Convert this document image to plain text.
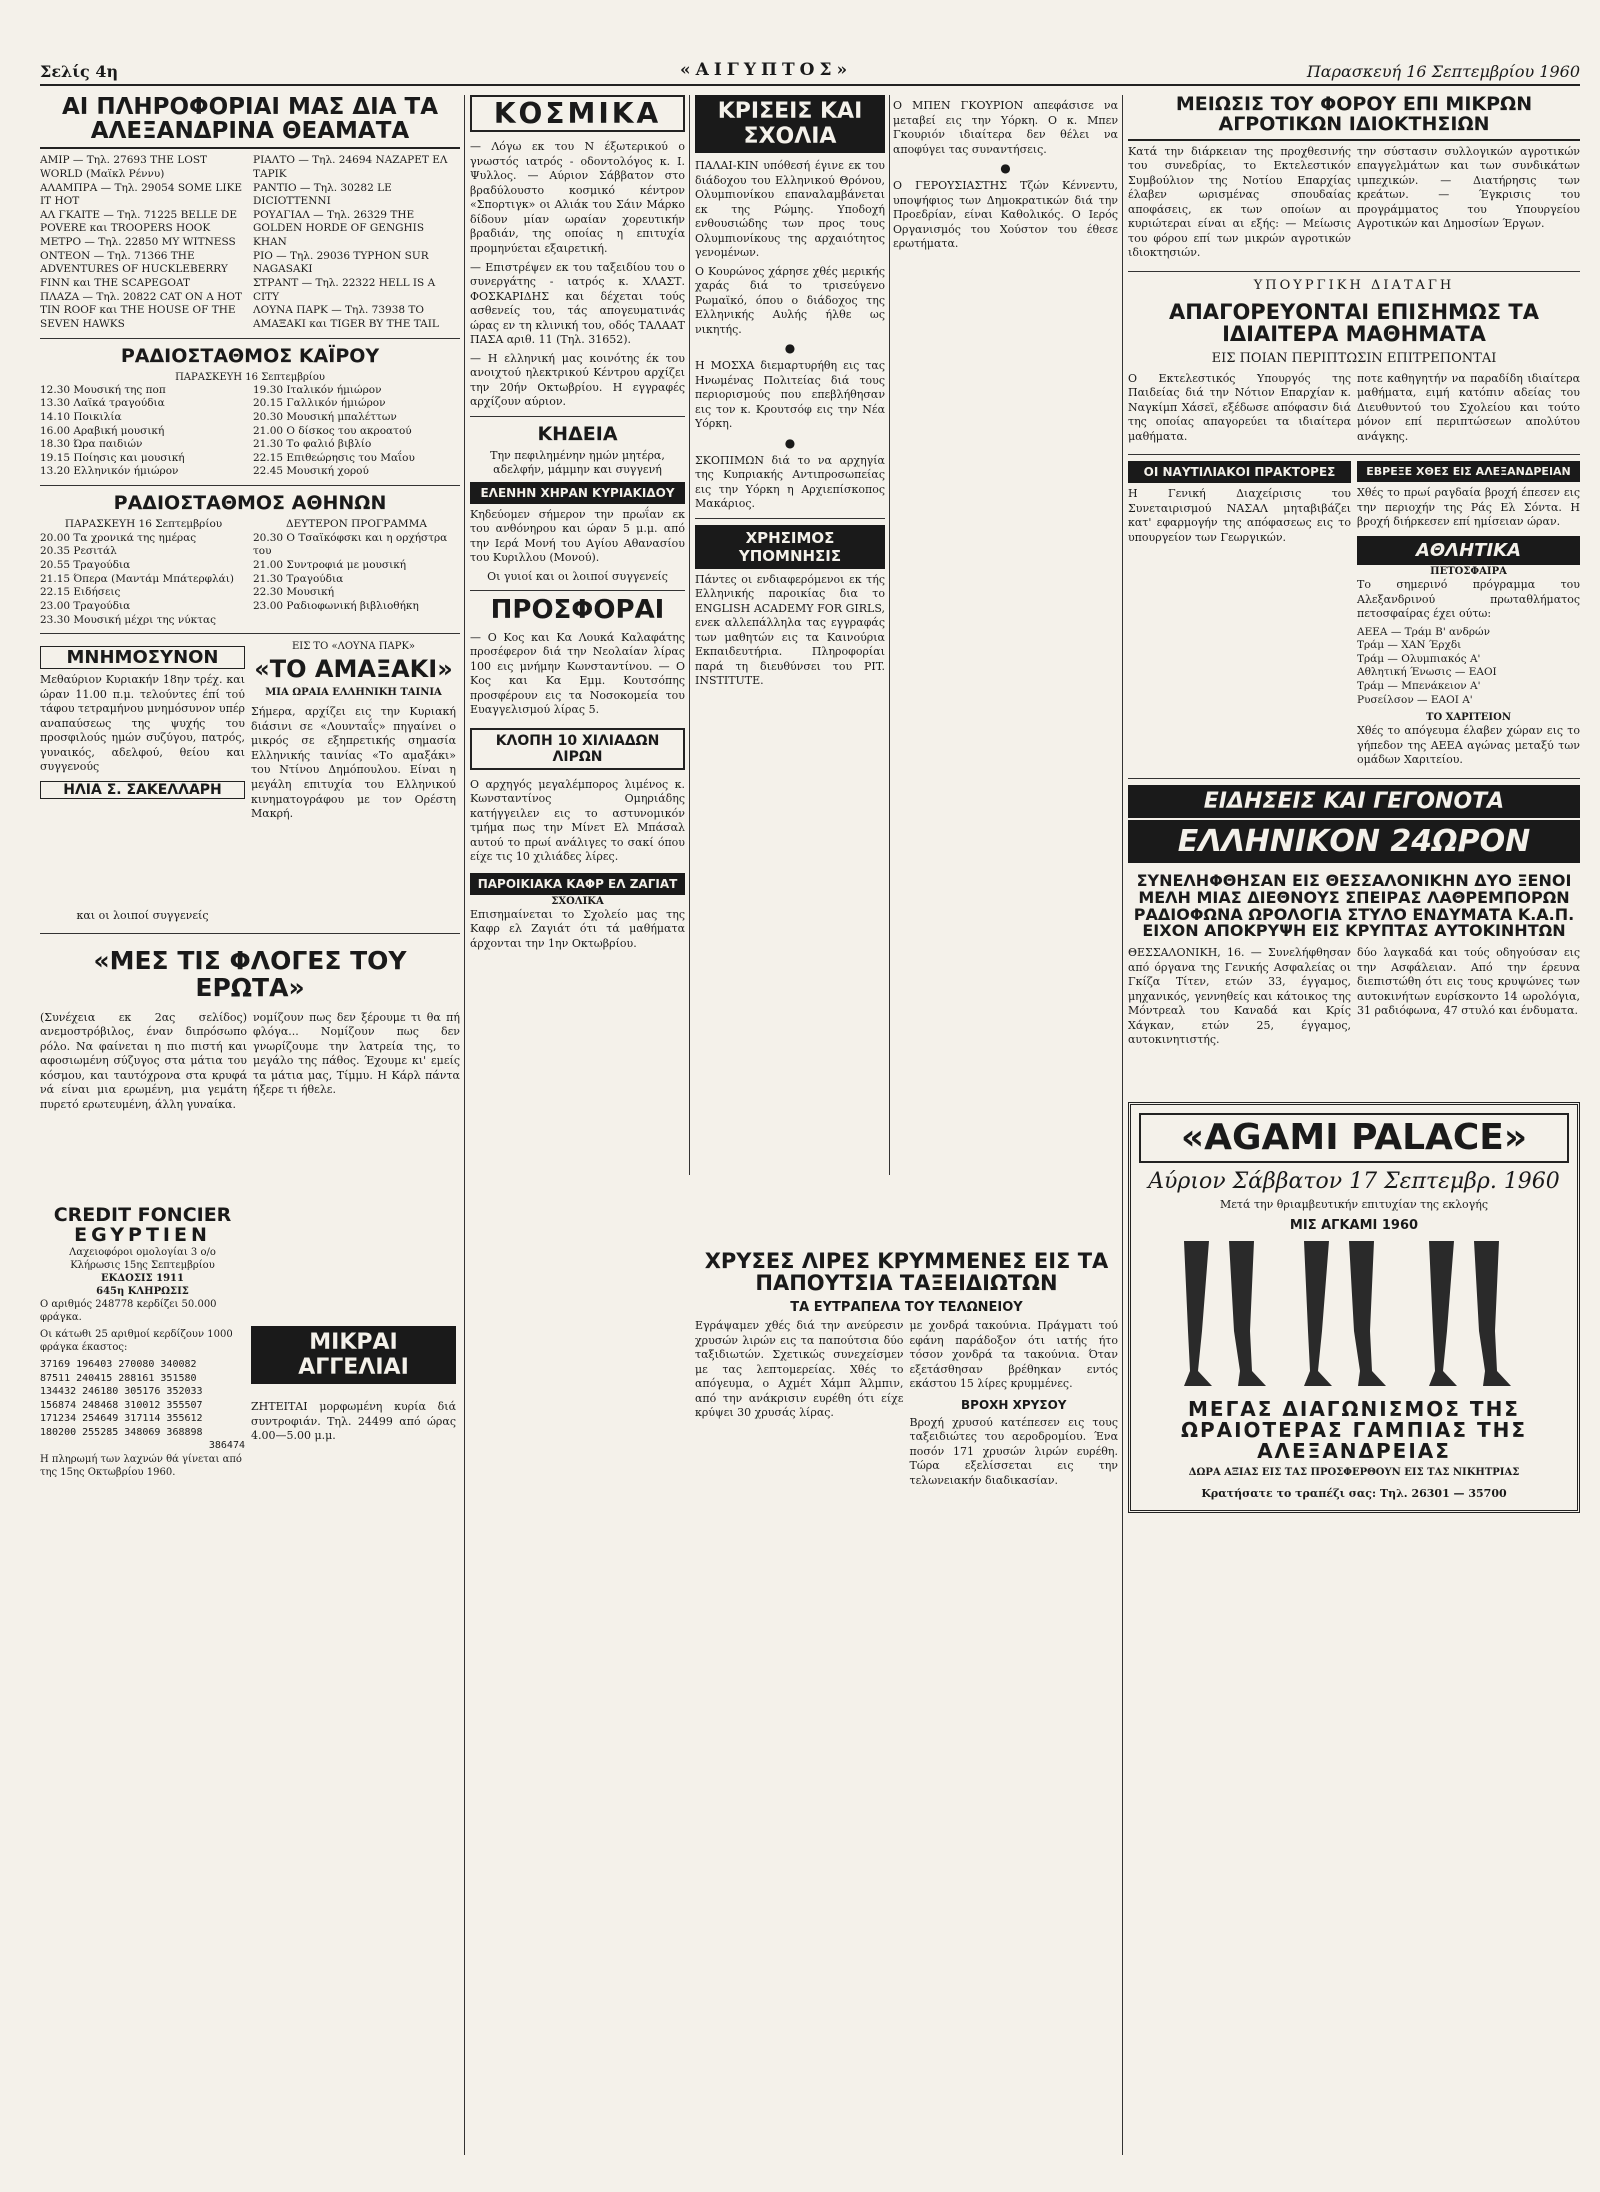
Σελίς 4η	«ΑΙΓΥΠΤΟΣ»	Παρασκευή 16 Σεπτεμβρίου 1960
ΑΙ ΠΛΗΡΟΦΟΡΙΑΙ ΜΑΣ ΔΙΑ ΤΑ ΑΛΕΞΑΝΔΡΙΝΑ ΘΕΑΜΑΤΑ
ΑΜΙΡ — Τηλ. 27693 THE LOST WORLD (Μαϊκλ Ρέννυ)
ΑΛΑΜΠΡΑ — Τηλ. 29054 SOME LIKE IT HOT
ΑΛ ΓΚΑΙΤΕ — Τηλ. 71225 BELLE DE POVERE και TROOPERS HOOK
ΜΕΤΡΟ — Τηλ. 22850 MY WITNESS
ΟΝΤΕΟΝ — Τηλ. 71366 THE ADVENTURES OF HUCKLEBERRY FINN και THE SCAPEGOAT
ΠΛΑΖΑ — Τηλ. 20822 CAT ON A HOT TIN ROOF και THE HOUSE OF THE SEVEN HAWKS
ΡΙΑΛΤΟ — Τηλ. 24694 ΝΑΖΑΡΕΤ ΕΛ ΤΑΡΙΚ
ΡΑΝΤΙΟ — Τηλ. 30282 LE DICIOTTENNI
ΡΟΥΑΓΙΑΛ — Τηλ. 26329 THE GOLDEN HORDE OF GENGHIS KHAN
ΡΙΟ — Τηλ. 29036 TYPHON SUR NAGASAKI
ΣΤΡΑΝΤ — Τηλ. 22322 HELL IS A CITY
ΛΟΥΝΑ ΠΑΡΚ — Τηλ. 73938 ΤΟ ΑΜΑΞΑΚΙ και TIGER BY THE TAIL
ΡΑΔΙΟΣΤΑΘΜΟΣ ΚΑΪΡΟΥ
ΠΑΡΑΣΚΕΥΗ 16 Σεπτεμβρίου
12.30 Μουσική της ποπ
13.30 Λαϊκά τραγούδια
14.10 Ποικιλία
16.00 Αραβική μουσική
18.30 Ώρα παιδιών
19.15 Ποίησις και μουσική
13.20 Ελληνικόν ήμιώρον
19.30 Ιταλικόν ήμιώρον
20.15 Γαλλικόν ήμιώρον
20.30 Μουσική μπαλέττων
21.00 Ο δίσκος του ακροατού
21.30 Το φαλιό βιβλίο
22.15 Επιθεώρησις του Μαΐου
22.45 Μουσική χορού
ΡΑΔΙΟΣΤΑΘΜΟΣ ΑΘΗΝΩΝ
ΠΑΡΑΣΚΕΥΗ 16 Σεπτεμβρίου
20.00 Τα χρονικά της ημέρας
20.35 Ρεσιτάλ
20.55 Τραγούδια
21.15 Όπερα (Μαντάμ Μπάτερφλάι)
22.15 Ειδήσεις
23.00 Τραγούδια
23.30 Μουσική μέχρι της νύκτας
ΔΕΥΤΕΡΟΝ ΠΡΟΓΡΑΜΜΑ
20.30 Ο Τσαϊκόφσκι και η ορχήστρα του
21.00 Συντροφιά με μουσική
21.30 Τραγούδια
22.30 Μουσική
23.00 Ραδιοφωνική βιβλιοθήκη
ΜΝΗΜΟΣΥΝΟΝ

Μεθαύριον Κυριακήν 18ην τρέχ. και ώραν 11.00 π.μ. τελούντες έπί τού τάφου τετραμήνου μνημόσυνον υπέρ αναπαύσεως της ψυχής του προσφιλούς ημών συζύγου, πατρός, γυναικός, αδελφού, θείου και συγγενούς

ΗΛΙΑ Σ. ΣΑΚΕΛΛΑΡΗ

και οι λοιποί συγγενείς

ΕΙΣ ΤΟ «ΛΟΥΝΑ ΠΑΡΚ»
«ΤΟ ΑΜΑΞΑΚΙ»
ΜΙΑ ΩΡΑΙΑ ΕΛΛΗΝΙΚΗ ΤΑΙΝΙΑ

Σήμερα, αρχίζει εις την Κυριακή διάσινι σε «Λουνταΐς» πηγαίνει ο μικρός σε εξηπρετικής σημασία Ελληνικής ταινίας «Το αμαξάκι» του Ντίνου Δημόπουλου. Είναι η μεγάλη επιτυχία του Ελληνικού κινηματογράφου με τον Ορέστη Μακρή.

«ΜΕΣ ΤΙΣ ΦΛΟΓΕΣ ΤΟΥ ΕΡΩΤΑ»

(Συνέχεια εκ 2ας σελίδος) ανεμοστρόβιλος, έναν διπρόσωπο ρόλο. Να φαίνεται η πιο πιστή και αφοσιωμένη σύζυγος στα μάτια του κόσμου, και ταυτόχρονα στα κρυφά νά είναι μια ερωμένη, μια γεμάτη πυρετό ερωτευμένη, άλλη γυναίκα.

νομίζουν πως δεν ξέρουμε τι θα πή φλόγα... Νομίζουν πως δεν γνωρίζουμε την λατρεία της, το μεγάλο της πάθος. Έχουμε κι' εμείς τα μάτια μας, Τίμμυ. Η Κάρλ πάντα ήξερε τι ήθελε.

CREDIT FONCIER
EGYPTIEN
Λαχειοφόροι ομολογίαι 3 ο/ο
Κλήρωσις 15ης Σεπτεμβρίου
ΕΚΔΟΣΙΣ 1911
645η ΚΛΗΡΩΣΙΣ

Ο αριθμός 248778 κερδίζει 50.000 φράγκα.

Οι κάτωθι 25 αριθμοί κερδίζουν 1000 φράγκα έκαστος:

37169 196403 270080 340082
87511 240415 288161 351580
134432 246180 305176 352033
156874 248468 310012 355507
171234 254649 317114 355612
180200 255285 348069 368898
386474

Η πληρωμή των λαχνών θά γίνεται από της 15ης Οκτωβρίου 1960.

ΜΙΚΡΑΙ ΑΓΓΕΛΙΑΙ

ΖΗΤΕΙΤΑΙ μορφωμένη κυρία διά συντροφιάν. Τηλ. 24499 από ώρας 4.00—5.00 μ.μ.

ΚΟΣΜΙΚΑ

— Λόγω εκ του Ν έξωτερικού ο γνωστός ιατρός - οδοντολόγος κ. Ι. Ψυλλος. — Αύριον Σάββατον στο βραδύλουστο κοσμικό κέντρον «Σπορτιγκ» οι Αλιάκ του Σάιν Μάρκο δίδουν μίαν ωραίαν χορευτικήν βραδιάν, της οποίας η επιτυχία προμηνύεται εξαιρετική.

— Επιστρέψεν εκ του ταξειδίου του ο συνεργάτης - ιατρός κ. ΧΛΑΣΤ. ΦΟΣΚΑΡΙΔΗΣ και δέχεται τούς ασθενείς του, τάς απογευματινάς ώρας εν τη κλινική του, οδός ΤΑΛΑΑΤ ΠΑΣΑ αριθ. 11 (Τηλ. 31652).

— Η ελληνική μας κοινότης έκ του ανοιχτού ηλεκτρικού Κέντρου αρχίζει την 20ήν Οκτωβρίου. Η εγγραφές αρχίζουν αύριον.

ΚΗΔΕΙΑ

Την πεφιλημένην ημών μητέρα, αδελφήν, μάμμην και συγγενή

ΕΛΕΝΗΝ ΧΗΡΑΝ ΚΥΡΙΑΚΙΔΟΥ

Κηδεύομεν σήμερον την πρωΐαν εκ του ανθόνηρου και ώραν 5 μ.μ. από την Ιερά Μονή του Αγίου Αθανασίου του Κυριλλου (Μονού).

Οι γυιοί και οι λοιποί συγγενείς

ΠΡΟΣΦΟΡΑΙ

— Ο Κος και Κα Λουκά Καλαφάτης προσέφερον διά την Νεολαίαν λίρας 100 εις μνήμην Κωνσταντίνου. — Ο Κος και Κα Εμμ. Κουτσόπης προσφέρουν εις τα Νοσοκομεία του Ευαγγελισμού λίρας 5.

ΚΛΟΠΗ 10 ΧΙΛΙΑΔΩΝ ΛΙΡΩΝ

Ο αρχηγός μεγαλέμπορος λιμένος κ. Κωνσταντίνος Ομηριάδης κατήγγειλεν εις το αστυνομικόν τμήμα πως την Μίνετ Ελ Μπάσαλ αυτού το πρωί ανάλιγες το σακί όπου είχε τις 10 χιλιάδες λίρες.

ΠΑΡΟΙΚΙΑΚΑ ΚΑΦΡ ΕΛ ΖΑΓΙΑΤ
ΣΧΟΛΙΚΑ

Επισημαίνεται το Σχολείο μας της Καφρ ελ Ζαγιάτ ότι τά μαθήματα άρχονται την 1ην Οκτωβρίου.

ΚΡΙΣΕΙΣ ΚΑΙ ΣΧΟΛΙΑ

ΠΑΛΑΙ-ΚΙΝ υπόθεσή έγινε εκ του διάδοχου του Ελληνικού Θρόνου, Ολυμπιονίκου επαναλαμβάνεται εκ της Ρώμης. Υποδοχή ενθουσιώδης των προς τους Ολυμπιονίκους της αρχαιότητος γενομένων.

Ο Κουρώνος χάρησε χθές μερικής χαράς διά το τρισεύγενο Ρωμαϊκό, όπου ο διάδοχος της Ελληνικής Αυλής ήλθε ως νικητής.

●

Η ΜΟΣΧΑ διεμαρτυρήθη εις τας Ηνωμένας Πολιτείας διά τους περιορισμούς που επεβλήθησαν εις τον κ. Κρουτσόφ εις την Νέα Υόρκη.

●

ΣΚΟΠΙΜΩΝ διά το να αρχηγία της Κυπριακής Αντιπροσωπείας εις την Υόρκη η Αρχιεπίσκοπος Μακάριος.

ΧΡΗΣΙΜΟΣ ΥΠΟΜΝΗΣΙΣ

Πάντες οι ενδιαφερόμενοι εκ τής Ελληνικής παροικίας δια το ENGLISH ACADEMY FOR GIRLS, ενεκ αλλεπάλληλα τας εγγραφάς των μαθητών εις τα Καινούρια Εκπαιδευτήρια. Πληροφορίαι παρά τη διευθύνσει του PIT. INSTITUTE.

Ο ΜΠΕΝ ΓΚΟΥΡΙΟΝ απεφάσισε να μεταβεί εις την Υόρκη. Ο κ. Μπεν Γκουριόν ιδιαίτερα δεν θέλει να αποφύγει τας συναντήσεις.

●

Ο ΓΕΡΟΥΣΙΑΣΤΗΣ Τζών Κέννεντυ, υποψήφιος των Δημοκρατικών διά την Προεδρίαν, είναι Καθολικός. Ο Ιερός Οργανισμός του Χούστον του έθεσε ερωτήματα.

ΧΡΥΣΕΣ ΛΙΡΕΣ ΚΡΥΜΜΕΝΕΣ ΕΙΣ ΤΑ ΠΑΠΟΥΤΣΙΑ ΤΑΞΕΙΔΙΩΤΩΝ
ΤΑ ΕΥΤΡΑΠΕΛΑ ΤΟΥ ΤΕΛΩΝΕΙΟΥ

Εγράψαμεν χθές διά την ανεύρεσιν χρυσών λιρών εις τα παπούτσια δύο ταξιδιωτών. Σχετικώς συνεχείσμεν με τας λεπτομερείας. Χθές το απόγευμα, ο Αχμέτ Χάμπ Άλμπιν, από την ανάκρισιν ευρέθη ότι είχε κρύψει 30 χρυσάς λίρας.

με χονδρά τακούνια. Πράγματι τού εφάνη παράδοξον ότι ιατής ήτο τόσον χονδρά τα τακούνια. Όταν εξετάσθησαν βρέθηκαν εντός εκάστου 15 λίρες κρυμμένες.

ΒΡΟΧΗ ΧΡΥΣΟΥ

Βροχή χρυσού κατέπεσεν εις τους ταξειδιώτες του αεροδρομίου. Ένα ποσόν 171 χρυσών λιρών ευρέθη. Τώρα εξελίσσεται εις την τελωνειακήν διαδικασίαν.

ΜΕΙΩΣΙΣ ΤΟΥ ΦΟΡΟΥ ΕΠΙ ΜΙΚΡΩΝ ΑΓΡΟΤΙΚΩΝ ΙΔΙΟΚΤΗΣΙΩΝ

Κατά την διάρκειαν της προχθεσινής του συνεδρίας, το Εκτελεστικόν Συμβούλιον της Νοτίου Επαρχίας έλαβεν ωρισμένας σπουδαίας αποφάσεις, εκ των οποίων αι κυριώτεραι είναι αι εξής: — Μείωσις του φόρου επί των μικρών αγροτικών ιδιοκτησιών.

την σύστασιν συλλογικών αγροτικών επαγγελμάτων και των συνδικάτων ιμπεχικών. — Διατήρησις των κρεάτων. — Έγκρισις του προγράμματος του Υπουργείου Αγροτικών και Δημοσίων Έργων.

ΥΠΟΥΡΓΙΚΗ ΔΙΑΤΑΓΗ
ΑΠΑΓΟΡΕΥΟΝΤΑΙ ΕΠΙΣΗΜΩΣ ΤΑ ΙΔΙΑΙΤΕΡΑ ΜΑΘΗΜΑΤΑ
ΕΙΣ ΠΟΙΑΝ ΠΕΡΙΠΤΩΣΙΝ ΕΠΙΤΡΕΠΟΝΤΑΙ

Ο Εκτελεστικός Υπουργός της Παιδείας διά την Νότιον Επαρχίαν κ. Ναγκίμπ Χάσεϊ, εξέδωσε απόφασιν διά της οποίας απαγορεύει τα ιδιαίτερα μαθήματα.

ποτε καθηγητήν να παραδίδη ιδιαίτερα μαθήματα, ειμή κατόπιν αδείας του Διευθυντού του Σχολείου και τούτο μόνον επί περιπτώσεων απολύτου ανάγκης.

ΟΙ ΝΑΥΤΙΛΙΑΚΟΙ ΠΡΑΚΤΟΡΕΣ

Η Γενική Διαχείρισις του Συνεταιρισμού ΝΑΣΑΛ μηταβιβάζει κατ' εφαρμογήν της απόφασεως εις το υπουργείον των Γεωργικών.

ΕΒΡΕΞΕ ΧΘΕΣ ΕΙΣ ΑΛΕΞΑΝΔΡΕΙΑΝ

Χθές το πρωί ραγδαία βροχή έπεσεν εις την περιοχήν της Ράς Ελ Σόντα. Η βροχή διήρκεσεν επί ημίσειαν ώραν.

ΑΘΛΗΤΙΚΑ
ΠΕΤΟΣΦΑΙΡΑ

Το σημερινό πρόγραμμα του Αλεξανδρινού πρωταθλήματος πετοσφαίρας έχει ούτω:

ΑΕΕΑ — Τράμ Β' ανδρών
Τράμ — ΧΑΝ Έρχδι
Τράμ — Ολυμπιακός Α'
Αθλητική Ένωσις — ΕΑΟΙ
Τράμ — Μπενάκειον Α'
Ρυσείλσον — ΕΑΟΙ Α'
ΤΟ ΧΑΡΙΤΕΙΟΝ

Χθές το απόγευμα έλαβεν χώραν εις το γήπεδον της ΑΕΕΑ αγώνας μεταξύ των ομάδων Χαριτείου.

ΕΙΔΗΣΕΙΣ ΚΑΙ ΓΕΓΟΝΟΤΑ
ΕΛΛΗΝΙΚΟΝ 24ΩΡΟΝ
ΣΥΝΕΛΗΦΘΗΣΑΝ ΕΙΣ ΘΕΣΣΑΛΟΝΙΚΗΝ ΔΥΟ ΞΕΝΟΙ
ΜΕΛΗ ΜΙΑΣ ΔΙΕΘΝΟΥΣ ΣΠΕΙΡΑΣ ΛΑΘΡΕΜΠΟΡΩΝ
ΡΑΔΙΟΦΩΝΑ ΩΡΟΛΟΓΙΑ ΣΤΥΛΟ ΕΝΔΥΜΑΤΑ Κ.Α.Π.
ΕΙΧΟΝ ΑΠΟΚΡΥΨΗ ΕΙΣ ΚΡΥΠΤΑΣ ΑΥΤΟΚΙΝΗΤΩΝ

ΘΕΣΣΑΛΟΝΙΚΗ, 16. — Συνελήφθησαν από όργανα της Γενικής Ασφαλείας οι Γκίζα Τίτεν, ετών 33, έγγαμος, μηχανικός, γεννηθείς και κάτοικος της Μόντρεαλ του Καναδά και Κρίς Χάγκαν, ετών 25, έγγαμος, αυτοκινητιστής.

δύο λαγκαδά και τούς οδηγούσαν εις την Ασφάλειαν. Από την έρευνα διεπιστώθη ότι εις τους κρυψώνες των αυτοκινήτων ευρίσκοντο 14 ωρολόγια, 31 ραδιόφωνα, 47 στυλό και ένδυματα.

«AGAMI PALACE»
Αύριον Σάββατον 17 Σεπτεμβρ. 1960
Μετά την θριαμβευτικήν επιτυχίαν της εκλογής
ΜΙΣ ΑΓΚΑΜΙ 1960
ΜΕΓΑΣ ΔΙΑΓΩΝΙΣΜΟΣ ΤΗΣ ΩΡΑΙΟΤΕΡΑΣ ΓΑΜΠΙΑΣ ΤΗΣ ΑΛΕΞΑΝΔΡΕΙΑΣ
ΔΩΡΑ ΑΞΙΑΣ ΕΙΣ ΤΑΣ ΠΡΟΣΦΕΡΘΟΥΝ ΕΙΣ ΤΑΣ ΝΙΚΗΤΡΙΑΣ
Κρατήσατε το τραπέζι σας: Τηλ. 26301 — 35700
